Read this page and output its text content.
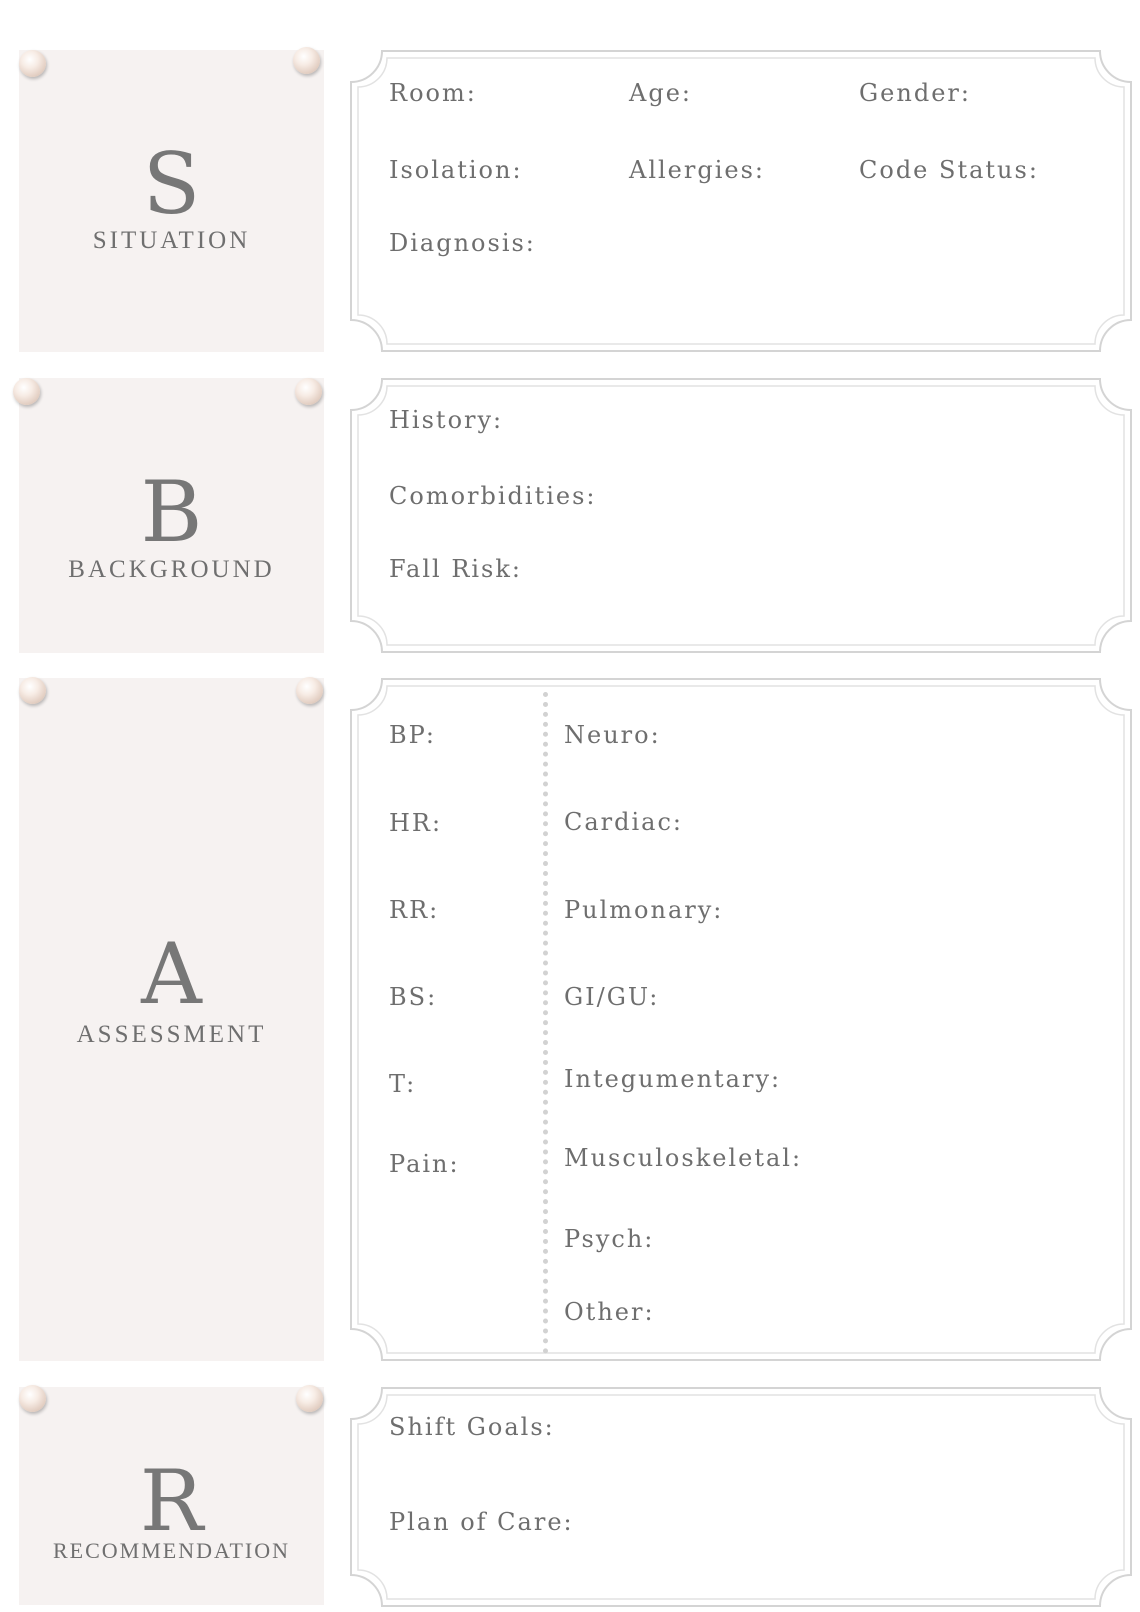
S
SITUATION
Room:	Age:	Gender:
Isolation:	Allergies:	Code Status:
Diagnosis:
B
BACKGROUND
History:
Comorbidities:
Fall Risk:
A
ASSESSMENT
BP:
HR:
RR:
BS:
T:
Pain:
Neuro:
Cardiac:
Pulmonary:
GI/GU:
Integumentary:
Musculoskeletal:
Psych:
Other:
R
RECOMMENDATION
Shift Goals:
Plan of Care:
